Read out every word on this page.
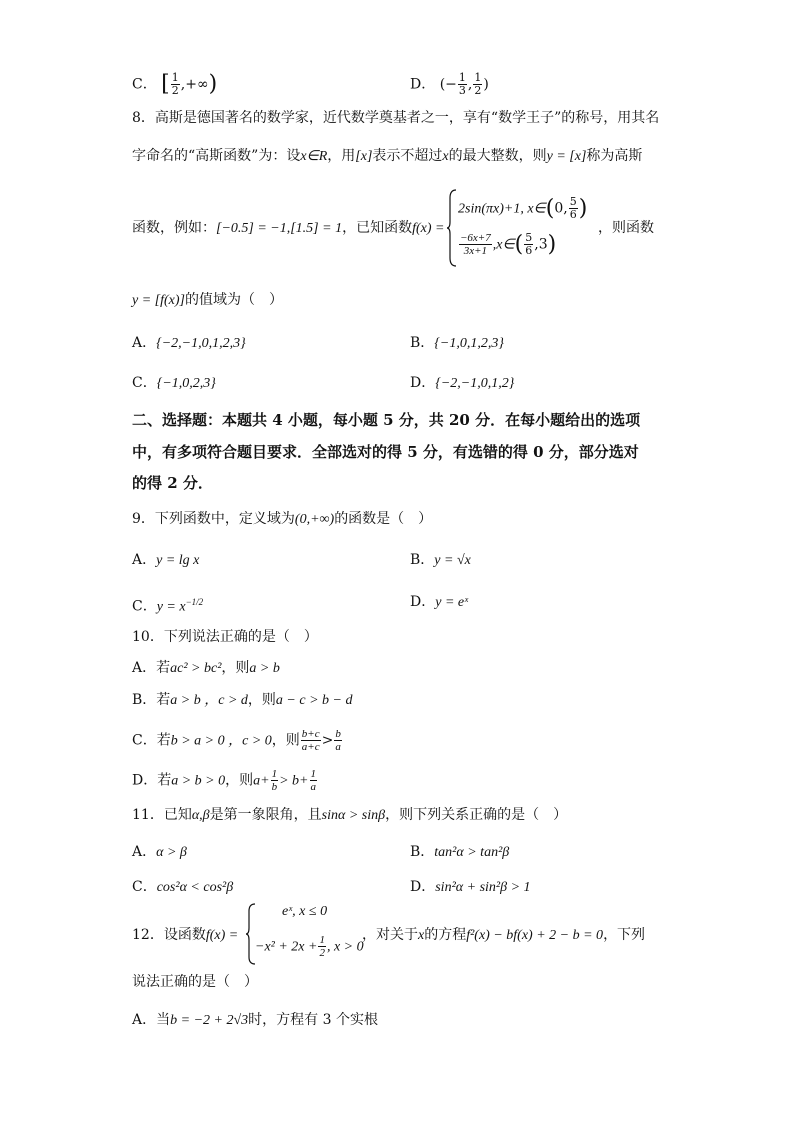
C． [ $\frac{1}{2}$ ,+∞)	D． (− $\frac{1}{3}$ , $\frac{1}{2}$ )
8．高斯是德国著名的数学家，近代数学奠基者之一，享有“数学王子”的称号，用其名
字命名的“高斯函数”为：设x∈R，用[x]表示不超过x的最大整数，则y = [x]称为高斯
函数，例如：[−0.5] = −1,[1.5] = 1，已知函数f(x) =
2sin(πx)+1, x∈(0, $\frac{5}{6}$ )
$\frac{-6x+7}{3x+1}$ ,x∈( $\frac{5}{6} ,3$)
，则函数
y = [f(x)]的值域为（　）
A．{−2,−1,0,1,2,3}	B．{−1,0,1,2,3}
C．{−1,0,2,3}	D．{−2,−1,0,1,2}
二、选择题：本题共 4 小题，每小题 5 分，共 20 分．在每小题给出的选项
中，有多项符合题目要求．全部选对的得 5 分，有选错的得 0 分，部分选对
的得 2 分．
9．下列函数中，定义域为(0,+∞)的函数是（　）
A．y = lg x	B．y = √x
C．$y = x^{-1/2}$	D．y = eˣ
10．下列说法正确的是（　）
A．若ac² > bc²，则a > b
B．若a > b ，c > d，则a − c > b − d
C．若b > a > 0 ，c > 0，则 $\frac{b+c}{a+c} > \frac{b}{a}$
D．若a > b > 0，则$a+ \frac{1}{b} > b+ \frac{1}{a}$
11．已知α,β是第一象限角，且sinα > sinβ，则下列关系正确的是（　）
A．α > β	B．tan²α > tan²β
C．cos²α < cos²β	D．sin²α + sin²β > 1
12．设函数f(x) =
eˣ, x ≤ 0
$-x^2 + 2x + \frac{1}{2}$ , x > 0
，对关于x的方程f²(x) − bf(x) + 2 − b = 0，下列
说法正确的是（　）
A．当b = −2 + 2√3时，方程有 3 个实根
